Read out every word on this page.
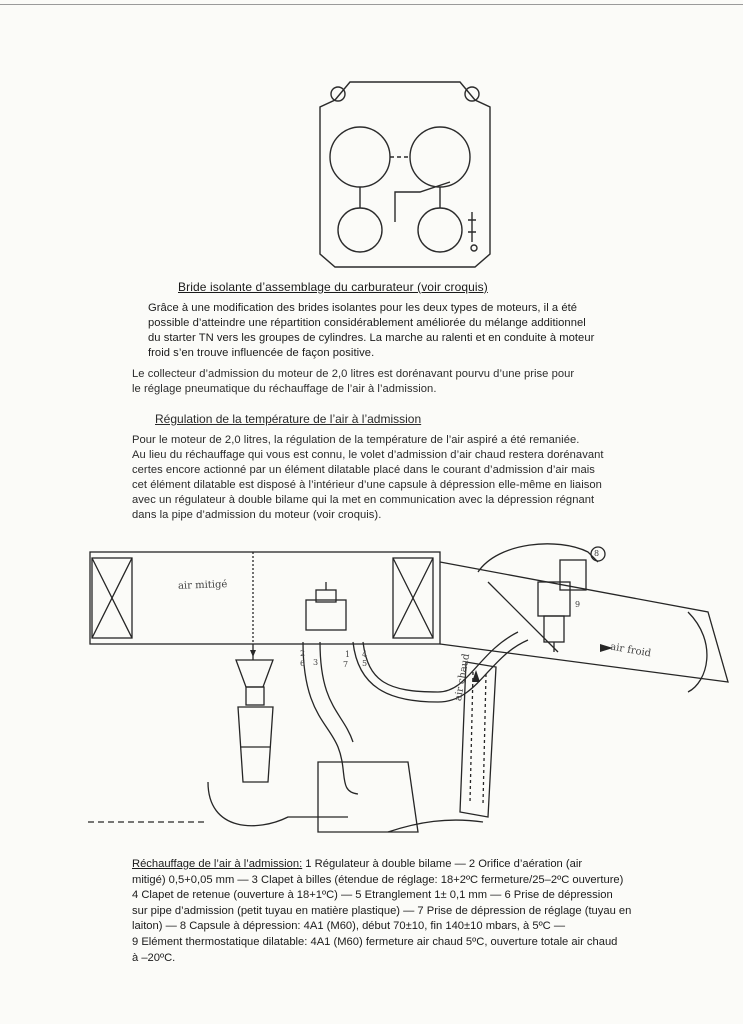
Bride isolante d’assemblage du carburateur (voir croquis)
Grâce à une modification des brides isolantes pour les deux types de moteurs, il a été
possible d’atteindre une répartition considérablement améliorée du mélange additionnel
du starter TN vers les groupes de cylindres. La marche au ralenti et en conduite à moteur
froid s’en trouve influencée de façon positive.
Le collecteur d’admission du moteur de 2,0 litres est dorénavant pourvu d’une prise pour
le réglage pneumatique du réchauffage de l’air à l’admission.
Régulation de la température de l’air à l’admission
Pour le moteur de 2,0 litres, la régulation de la température de l’air aspiré a été remaniée.
Au lieu du réchauffage qui vous est connu, le volet d’admission d’air chaud restera dorénavant
certes encore actionné par un élément dilatable placé dans le courant d’admission d’air mais
cet élément dilatable est disposé à l’intérieur d’une capsule à dépression elle-même en liaison
avec un régulateur à double bilame qui la met en communication avec la dépression régnant
dans la pipe d’admission du moteur (voir croquis).
air mitigé
air froid
air chaud
1
2
3
4
5
6	7
8
9
Réchauffage de l’air à l’admission: 1 Régulateur à double bilame — 2 Orifice d’aération (air
mitigé) 0,5+0,05 mm — 3 Clapet à billes (étendue de réglage: 18+2ºC fermeture/25–2ºC ouverture)
4 Clapet de retenue (ouverture à 18+1ºC) — 5 Etranglement 1± 0,1 mm — 6 Prise de dépression
sur pipe d’admission (petit tuyau en matière plastique) — 7 Prise de dépression de réglage (tuyau en
laiton) — 8 Capsule à dépression: 4A1 (M60), début 70±10, fin 140±10 mbars, à 5ºC —
9 Elément thermostatique dilatable: 4A1 (M60) fermeture air chaud 5ºC, ouverture totale air chaud
à –20ºC.
